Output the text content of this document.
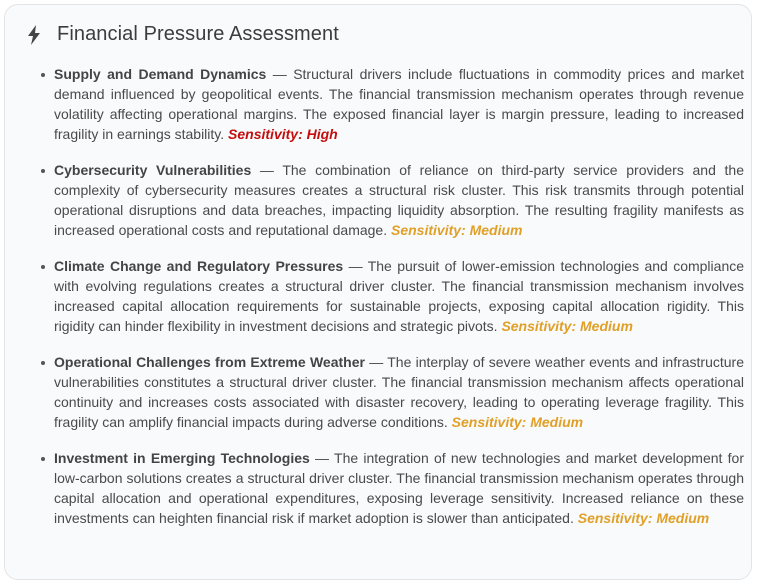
Financial Pressure Assessment
Supply and Demand Dynamics — Structural drivers include fluctuations in commodity prices and market demand influenced by geopolitical events. The financial transmission mechanism operates through revenue volatility affecting operational margins. The exposed financial layer is margin pressure, leading to increased fragility in earnings stability. Sensitivity: High
Cybersecurity Vulnerabilities — The combination of reliance on third-party service providers and the complexity of cybersecurity measures creates a structural risk cluster. This risk transmits through potential operational disruptions and data breaches, impacting liquidity absorption. The resulting fragility manifests as increased operational costs and reputational damage. Sensitivity: Medium
Climate Change and Regulatory Pressures — The pursuit of lower-emission technologies and compliance with evolving regulations creates a structural driver cluster. The financial transmission mechanism involves increased capital allocation requirements for sustainable projects, exposing capital allocation rigidity. This rigidity can hinder flexibility in investment decisions and strategic pivots. Sensitivity: Medium
Operational Challenges from Extreme Weather — The interplay of severe weather events and infrastructure vulnerabilities constitutes a structural driver cluster. The financial transmission mechanism affects operational continuity and increases costs associated with disaster recovery, leading to operating leverage fragility. This fragility can amplify financial impacts during adverse conditions. Sensitivity: Medium
Investment in Emerging Technologies — The integration of new technologies and market development for low-carbon solutions creates a structural driver cluster. The financial transmission mechanism operates through capital allocation and operational expenditures, exposing leverage sensitivity. Increased reliance on these investments can heighten financial risk if market adoption is slower than anticipated. Sensitivity: Medium
